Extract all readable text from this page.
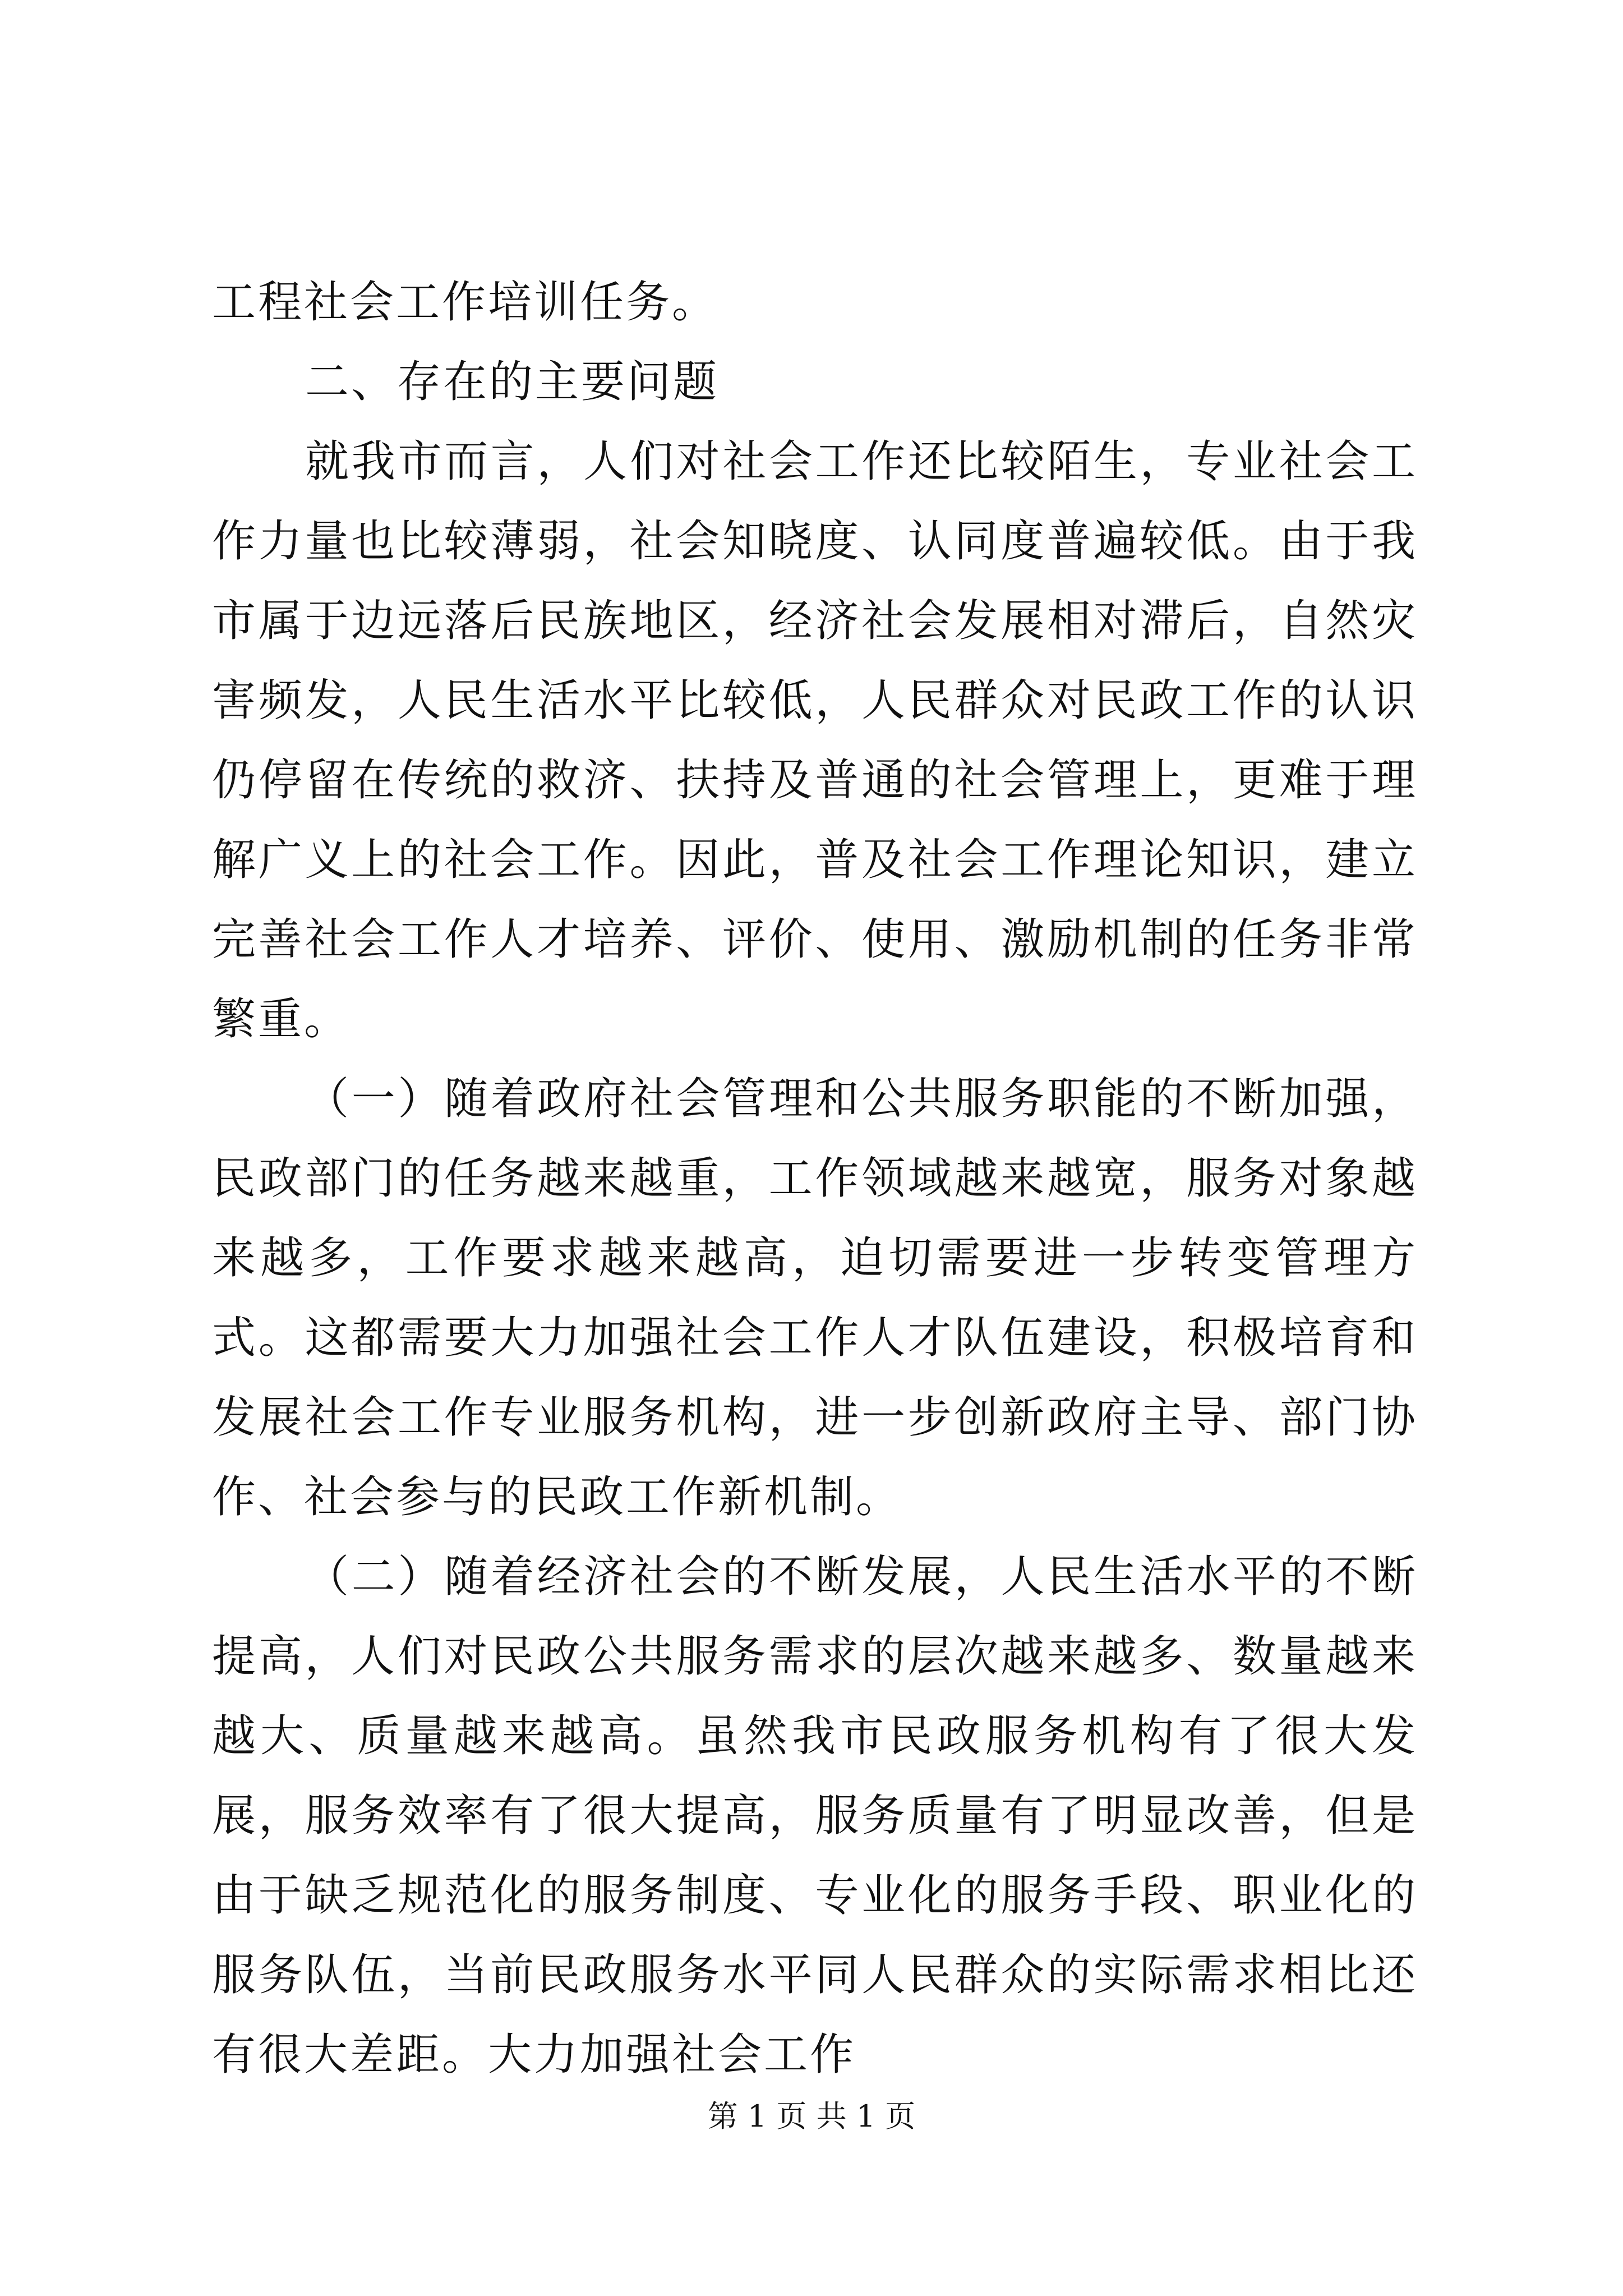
工程社会工作培训任务。

二、存在的主要问题

就我市而言，人们对社会工作还比较陌生，专业社会工作力量也比较薄弱，社会知晓度、认同度普遍较低。由于我市属于边远落后民族地区，经济社会发展相对滞后，自然灾害频发，人民生活水平比较低，人民群众对民政工作的认识仍停留在传统的救济、扶持及普通的社会管理上，更难于理解广义上的社会工作。因此，普及社会工作理论知识，建立完善社会工作人才培养、评价、使用、激励机制的任务非常繁重。

（一）随着政府社会管理和公共服务职能的不断加强，民政部门的任务越来越重，工作领域越来越宽，服务对象越来越多，工作要求越来越高，迫切需要进一步转变管理方式。这都需要大力加强社会工作人才队伍建设，积极培育和发展社会工作专业服务机构，进一步创新政府主导、部门协作、社会参与的民政工作新机制。

（二）随着经济社会的不断发展，人民生活水平的不断提高，人们对民政公共服务需求的层次越来越多、数量越来越大、质量越来越高。虽然我市民政服务机构有了很大发展，服务效率有了很大提高，服务质量有了明显改善，但是由于缺乏规范化的服务制度、专业化的服务手段、职业化的服务队伍，当前民政服务水平同人民群众的实际需求相比还有很大差距。大力加强社会工作

第 1 页 共 1 页
